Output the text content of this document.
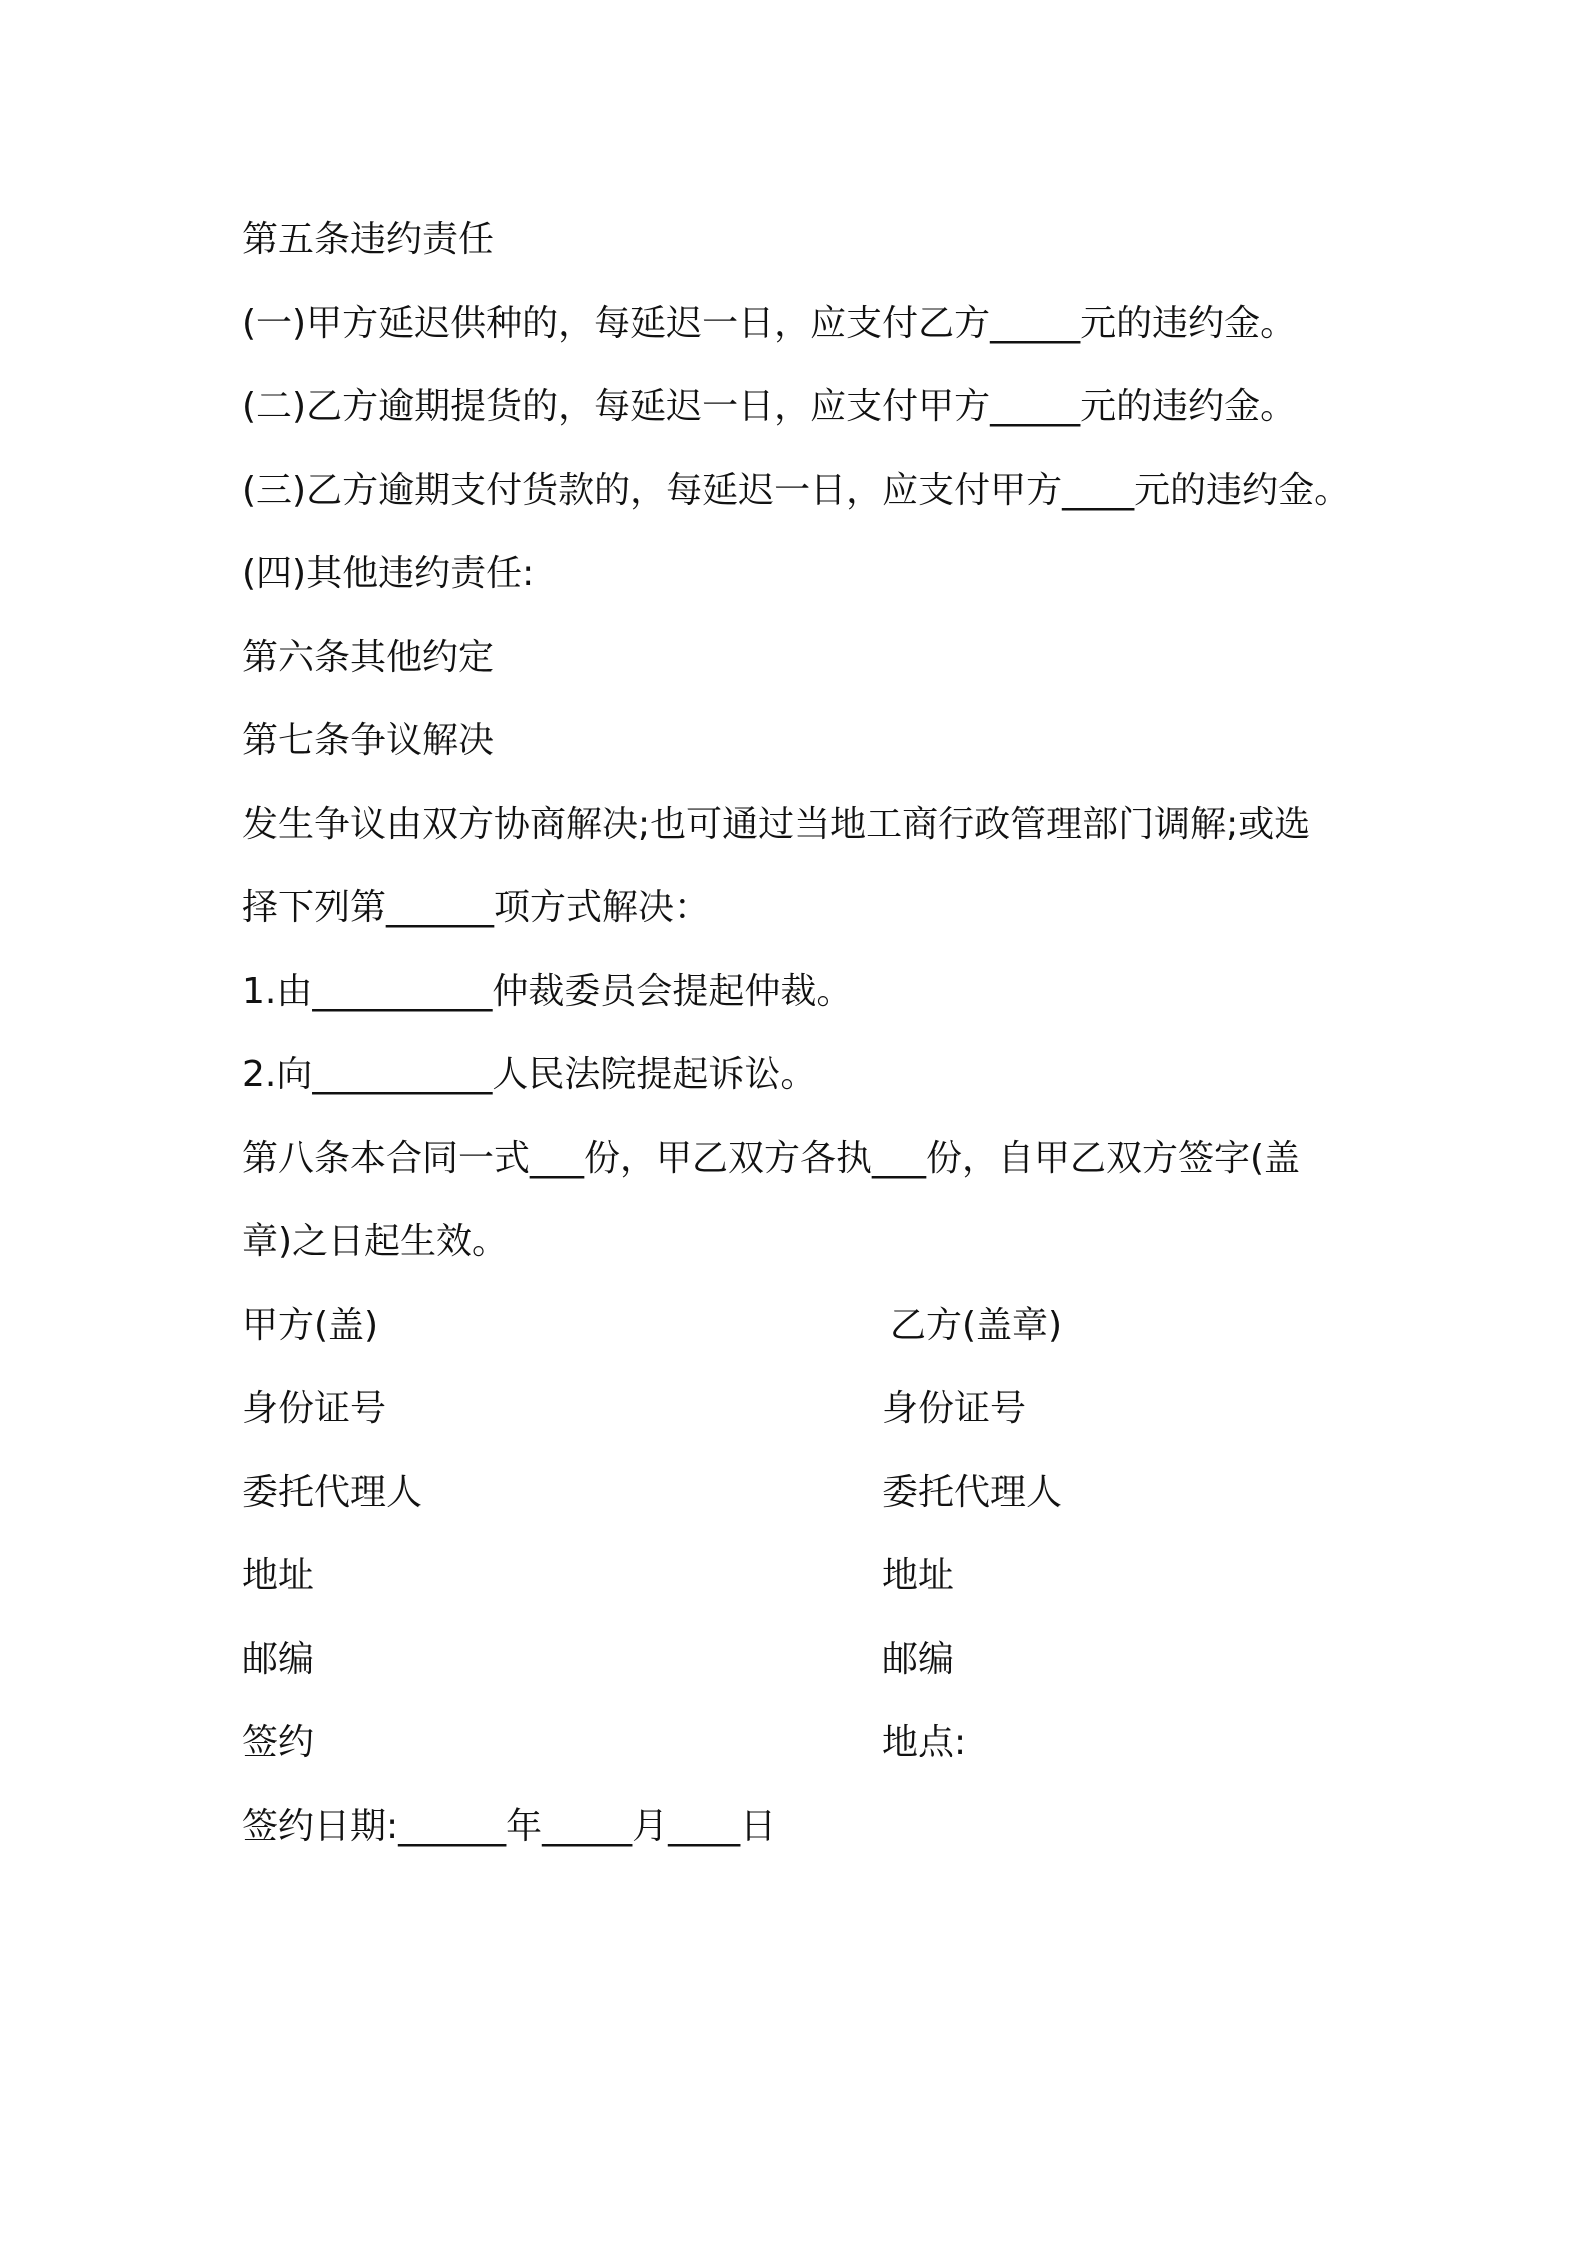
第五条违约责任
(一)甲方延迟供种的，每延迟一日，应支付乙方_____元的违约金。
(二)乙方逾期提货的，每延迟一日，应支付甲方_____元的违约金。
(三)乙方逾期支付货款的，每延迟一日，应支付甲方____元的违约金。
(四)其他违约责任:
第六条其他约定
第七条争议解决
发生争议由双方协商解决;也可通过当地工商行政管理部门调解;或选
择下列第______项方式解决：
1.由__________仲裁委员会提起仲裁。
2.向__________人民法院提起诉讼。
第八条本合同一式___份，甲乙双方各执___份，自甲乙双方签字(盖
章)之日起生效。
甲方(盖)	乙方(盖章)
身份证号	身份证号
委托代理人	委托代理人
地址	地址
邮编	邮编
签约	地点:
签约日期:______年_____月____日
